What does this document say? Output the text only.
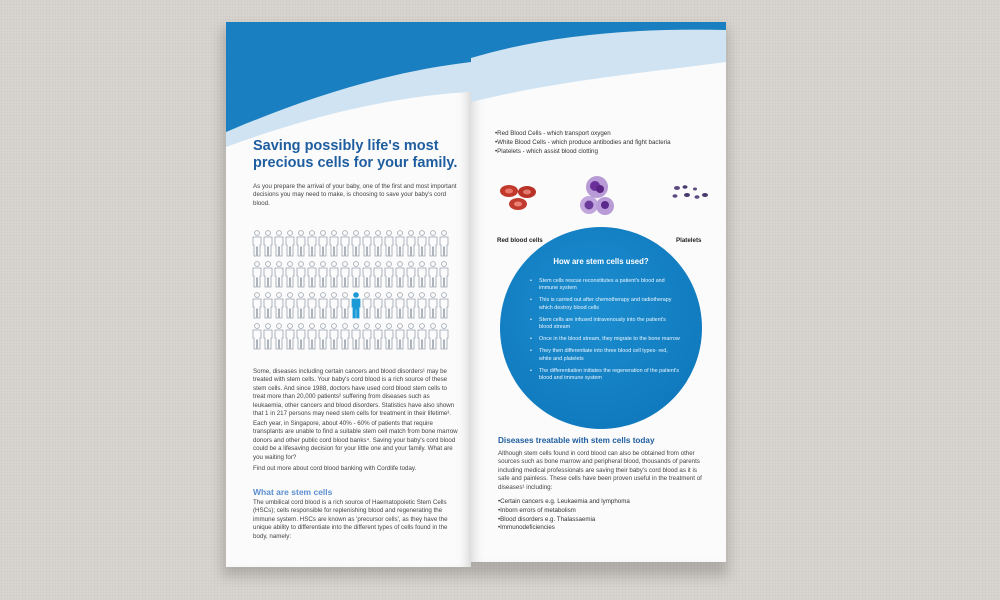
Saving possibly life's most
precious cells for your family.

As you prepare the arrival of your baby, one of the first and most important decisions you may need to make, is choosing to save your baby's cord blood.

Some, diseases including certain cancers and blood disorders¹ may be treated with stem cells. Your baby's cord blood is a rich source of these stem cells. And since 1988, doctors have used cord blood stem cells to treat more than 20,000 patients² suffering from diseases such as leukaemia, other cancers and blood disorders. Statistics have also shown that 1 in 217 persons may need stem cells for treatment in their lifetime³.

Each year, in Singapore, about 40% - 60% of patients that require transplants are unable to find a suitable stem cell match from bone marrow donors and other public cord blood banks⁴. Saving your baby's cord blood could be a lifesaving decision for your little one and your family. What are you waiting for?

Find out more about cord blood banking with Cordlife today.

What are stem cells

The umbilical cord blood is a rich source of Haematopoietic Stem Cells (HSCs); cells responsible for replenishing blood and regenerating the immune system. HSCs are known as 'precursor cells', as they have the unique ability to differentiate into the different types of cells found in the body, namely:

• Red Blood Cells - which transport oxygen
• White Blood Cells - which produce antibodies and fight bacteria
• Platelets - which assist blood clotting
Red blood cells	Platelets
How are stem cells used?
• Stem cells rescue reconstitutes a patient's blood and immune system
• This is carried out after chemotherapy and radiotherapy which destroy blood cells
• Stem cells are infused intravenously into the patient's blood stream
• Once in the blood stream, they migrate to the bone marrow
• They then differentiate into three blood cell types- red, white and platelets
• The differentiation initiates the regeneration of the patient's blood and immune system
Diseases treatable with stem cells today

Although stem cells found in cord blood can also be obtained from other sources such as bone marrow and peripheral blood, thousands of parents including medical professionals are saving their baby's cord blood as it is safe and painless. These cells have been proven useful in the treatment of diseases¹ including:

• Certain cancers e.g. Leukaemia and lymphoma
• Inborn errors of metabolism
• Blood disorders e.g. Thalassaemia
• Immunodeficiencies
